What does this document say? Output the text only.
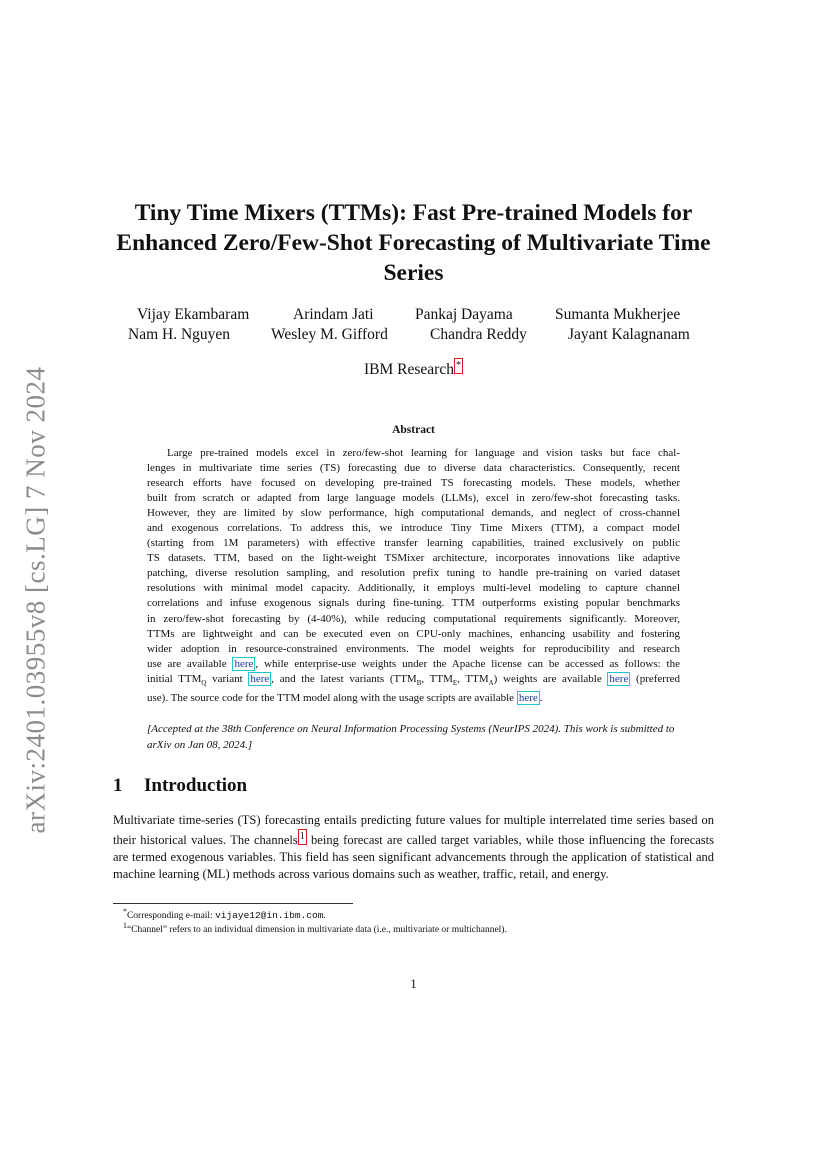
arXiv:2401.03955v8 [cs.LG] 7 Nov 2024
Tiny Time Mixers (TTMs): Fast Pre-trained Models for
Enhanced Zero/Few-Shot Forecasting of Multivariate Time
Series
Vijay Ekambaram	Arindam Jati	Pankaj Dayama	Sumanta Mukherjee
Nam H. Nguyen	Wesley M. Gifford	Chandra Reddy	Jayant Kalagnanam
IBM Research *
Abstract
Large pre-trained models excel in zero/few-shot learning for language and vision tasks but face chal-
lenges in multivariate time series (TS) forecasting due to diverse data characteristics. Consequently, recent
research efforts have focused on developing pre-trained TS forecasting models. These models, whether
built from scratch or adapted from large language models (LLMs), excel in zero/few-shot forecasting tasks.
However, they are limited by slow performance, high computational demands, and neglect of cross-channel
and exogenous correlations. To address this, we introduce Tiny Time Mixers (TTM), a compact model
(starting from 1M parameters) with effective transfer learning capabilities, trained exclusively on public
TS datasets. TTM, based on the light-weight TSMixer architecture, incorporates innovations like adaptive
patching, diverse resolution sampling, and resolution prefix tuning to handle pre-training on varied dataset
resolutions with minimal model capacity. Additionally, it employs multi-level modeling to capture channel
correlations and infuse exogenous signals during fine-tuning. TTM outperforms existing popular benchmarks
in zero/few-shot forecasting by (4-40%), while reducing computational requirements significantly. Moreover,
TTMs are lightweight and can be executed even on CPU-only machines, enhancing usability and fostering
wider adoption in resource-constrained environments. The model weights for reproducibility and research
use are available here , while enterprise-use weights under the Apache license can be accessed as follows: the
initial $TTM_Q$ variant here , and the latest variants ($TTM_B$, $TTM_E$, $TTM_A$) weights are available here (preferred
use). The source code for the TTM model along with the usage scripts are available here .
[Accepted at the 38th Conference on Neural Information Processing Systems (NeurIPS 2024). This work is submitted to arXiv on Jan 08, 2024.]
1 Introduction
Multivariate time-series (TS) forecasting entails predicting future values for multiple interrelated time series based on their historical values. The channels 1 being forecast are called target variables, while those influencing the forecasts are termed exogenous variables. This field has seen significant advancements through the application of statistical and machine learning (ML) methods across various domains such as weather, traffic, retail, and energy.
*Corresponding e-mail: vijaye12@in.ibm.com.
$^1$“Channel” refers to an individual dimension in multivariate data (i.e., multivariate or multichannel).
1
